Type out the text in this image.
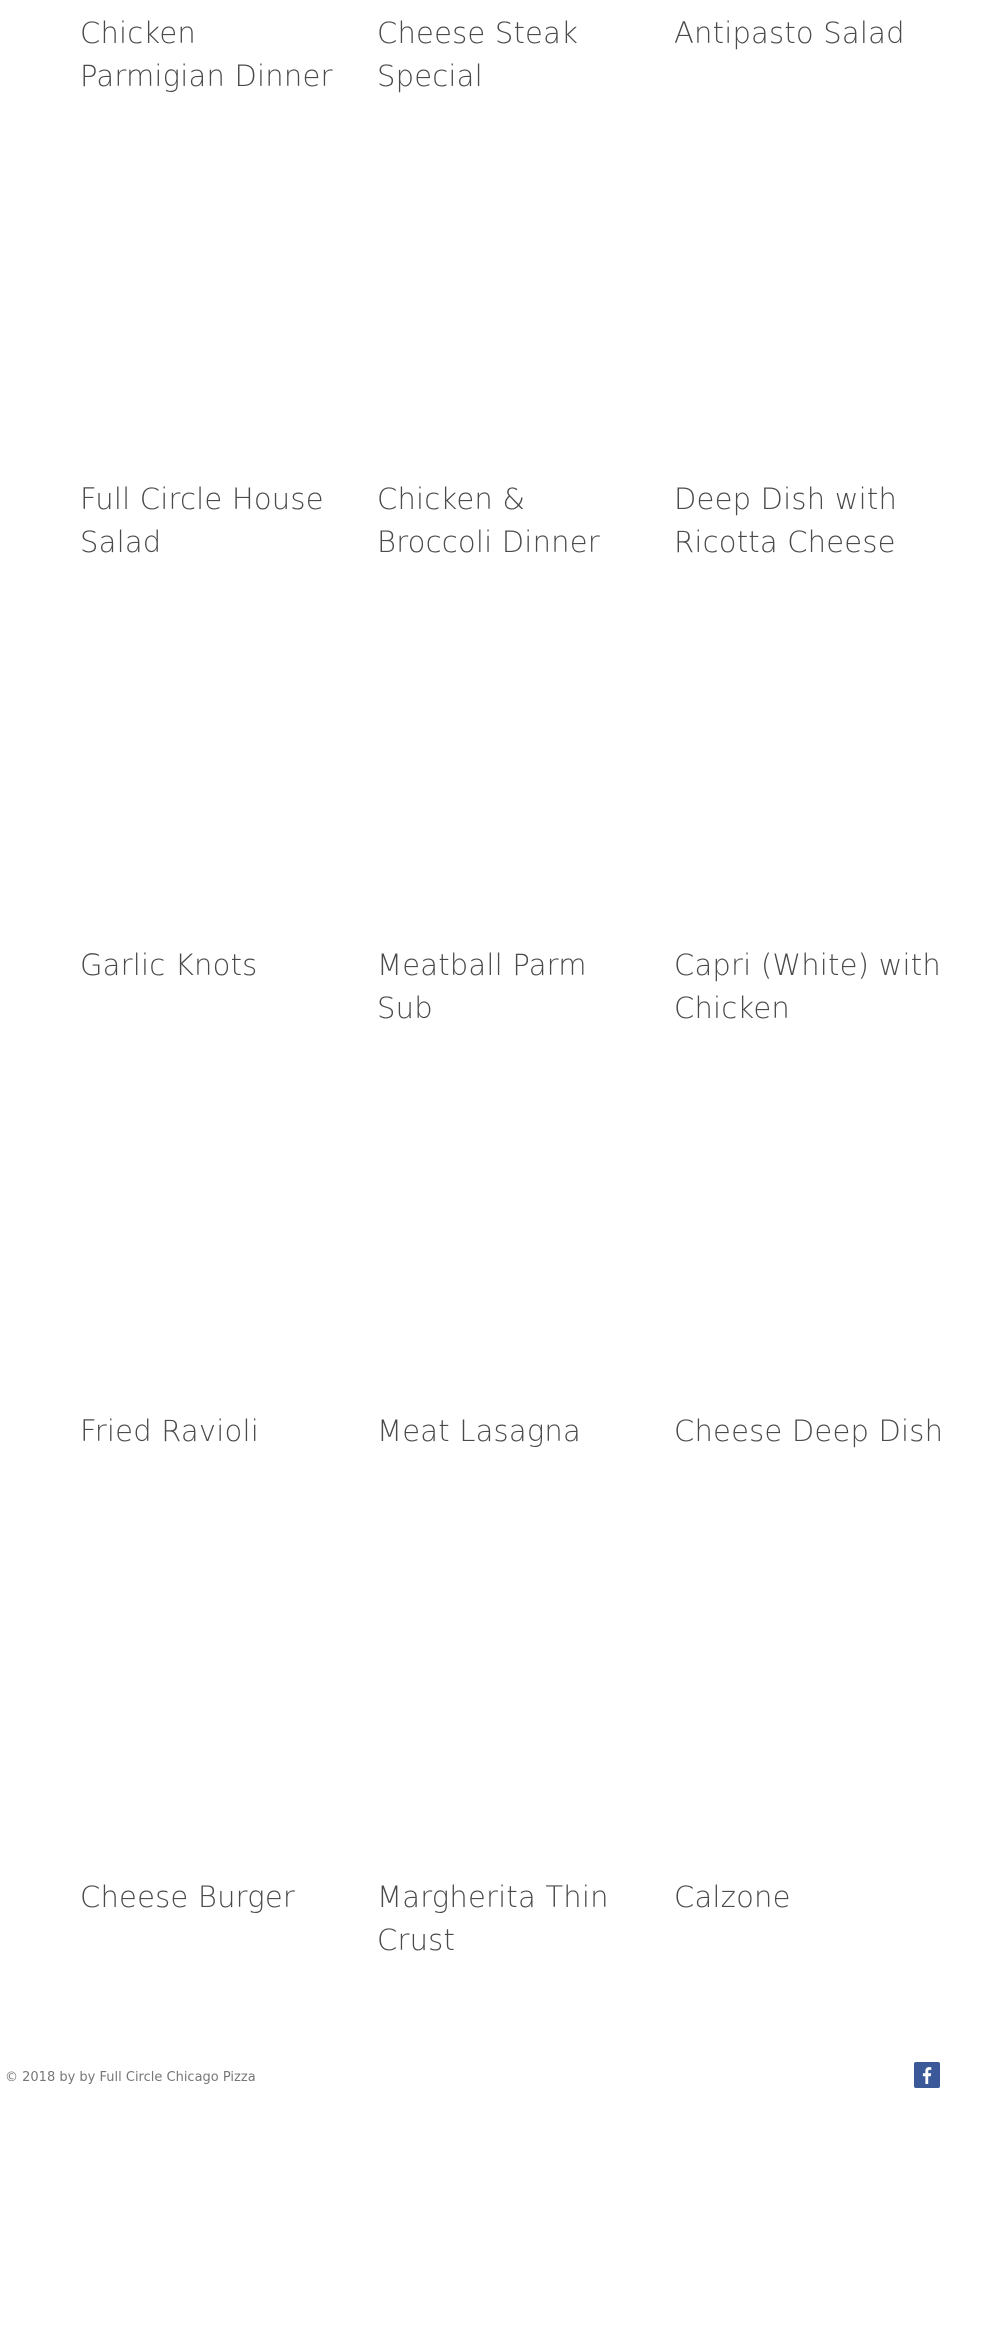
Chicken Parmigian Dinner
Cheese Steak Special
Antipasto Salad
Full Circle House Salad
Chicken & Broccoli Dinner
Deep Dish with Ricotta Cheese
Garlic Knots	Meatball Parm Sub
Capri (White) with Chicken
Fried Ravioli	Meat Lasagna	Cheese Deep Dish
Cheese Burger	Margherita Thin Crust
Calzone
© 2018 by by Full Circle Chicago Pizza
